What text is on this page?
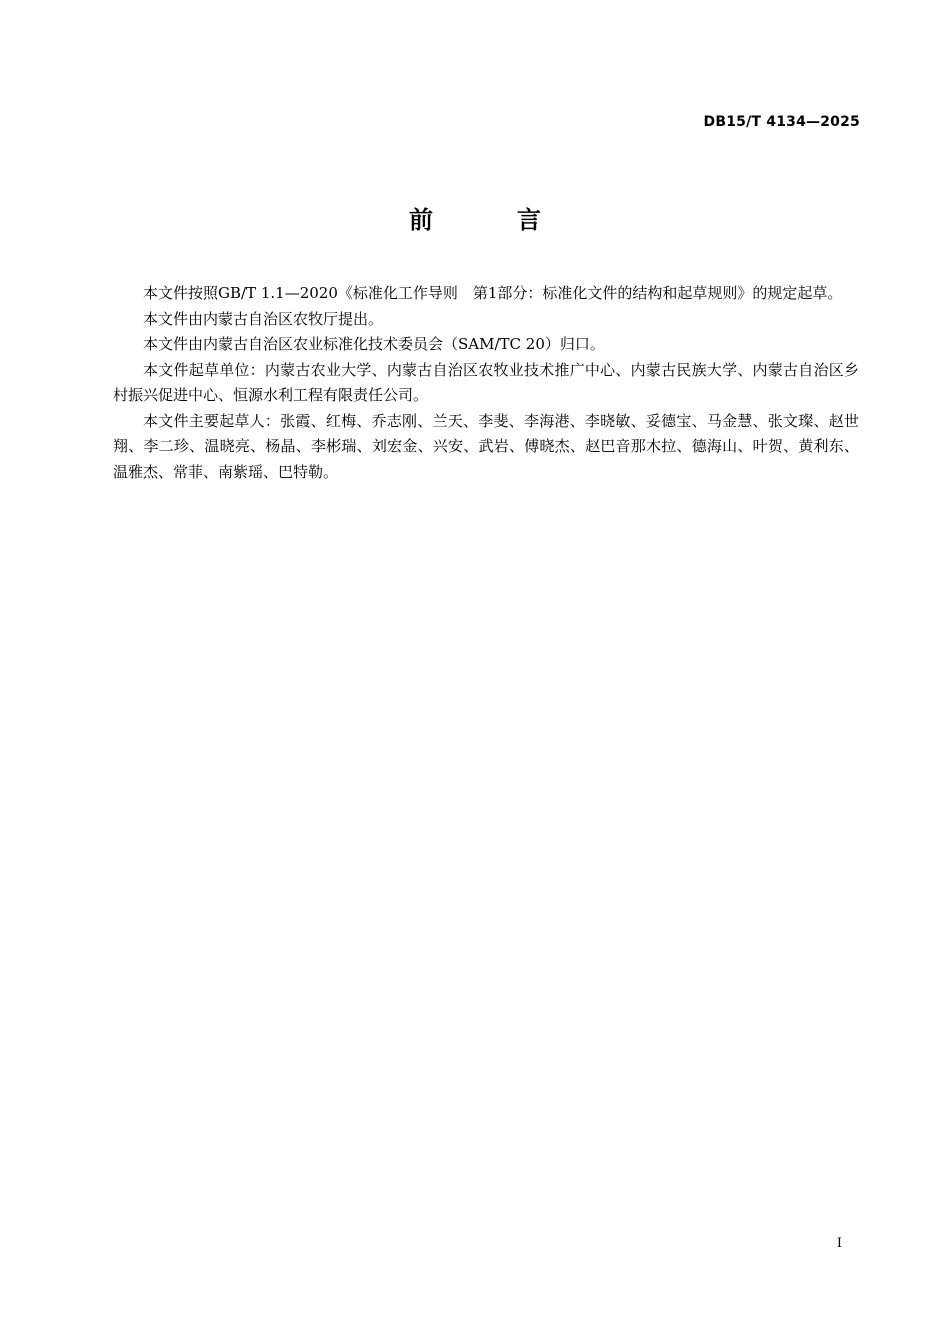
DB15/T 4134—2025
前　言

本文件按照GB/T 1.1—2020《标准化工作导则　第1部分：标准化文件的结构和起草规则》的规定起草。

本文件由内蒙古自治区农牧厅提出。

本文件由内蒙古自治区农业标准化技术委员会（SAM/TC 20）归口。

本文件起草单位：内蒙古农业大学、内蒙古自治区农牧业技术推广中心、内蒙古民族大学、内蒙古自治区乡村振兴促进中心、恒源水利工程有限责任公司。

本文件主要起草人：张霞、红梅、乔志刚、兰天、李斐、李海港、李晓敏、妥德宝、马金慧、张文璨、赵世翔、李二珍、温晓亮、杨晶、李彬瑞、刘宏金、兴安、武岩、傅晓杰、赵巴音那木拉、德海山、叶贺、黄利东、温雅杰、常菲、南紫瑶、巴特勒。

I
